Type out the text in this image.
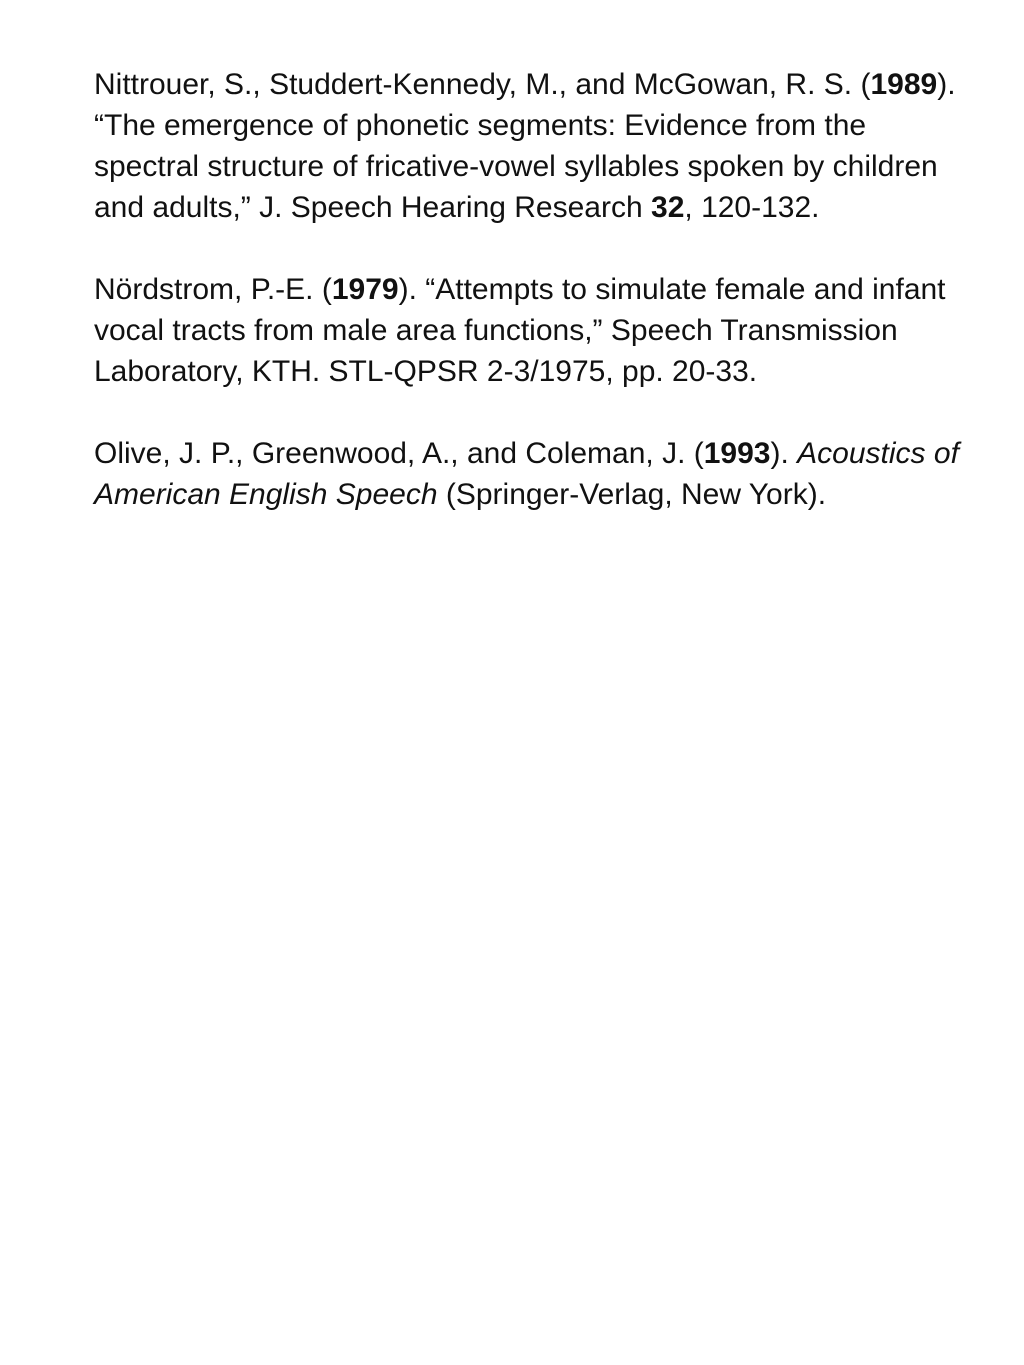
Nittrouer, S., Studdert-Kennedy, M., and McGowan, R. S. (1989). “The emergence of phonetic segments: Evidence from the spectral structure of fricative-vowel syllables spoken by children and adults,” J. Speech Hearing Research 32, 120-132.

Nördstrom, P.-E. (1979). “Attempts to simulate female and infant vocal tracts from male area functions,” Speech Transmission Laboratory, KTH. STL-QPSR 2-3/1975, pp. 20-33.

Olive, J. P., Greenwood, A., and Coleman, J. (1993). Acoustics of American English Speech (Springer-Verlag, New York).
